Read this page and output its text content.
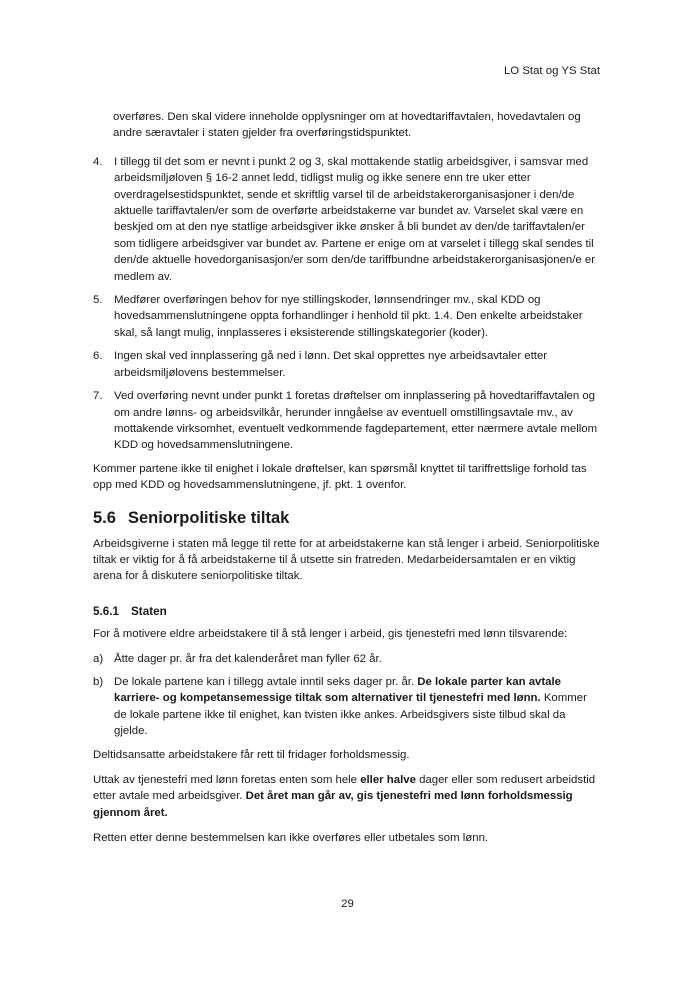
LO Stat og YS Stat

overføres. Den skal videre inneholde opplysninger om at hovedtariffavtalen, hovedavtalen og andre særavtaler i staten gjelder fra overføringstidspunktet.

4.	I tillegg til det som er nevnt i punkt 2 og 3, skal mottakende statlig arbeidsgiver, i samsvar med arbeidsmiljøloven § 16-2 annet ledd, tidligst mulig og ikke senere enn tre uker etter overdragelsestidspunktet, sende et skriftlig varsel til de arbeidstakerorganisasjoner i den/de aktuelle tariffavtalen/er som de overførte arbeidstakerne var bundet av. Varselet skal være en beskjed om at den nye statlige arbeidsgiver ikke ønsker å bli bundet av den/de tariffavtalen/er som tidligere arbeidsgiver var bundet av. Partene er enige om at varselet i tillegg skal sendes til den/de aktuelle hovedorganisasjon/er som den/de tariffbundne arbeidstakerorganisasjonen/e er medlem av.
5.	Medfører overføringen behov for nye stillingskoder, lønnsendringer mv., skal KDD og hovedsammenslutningene oppta forhandlinger i henhold til pkt. 1.4. Den enkelte arbeidstaker skal, så langt mulig, innplasseres i eksisterende stillingskategorier (koder).
6.	Ingen skal ved innplassering gå ned i lønn. Det skal opprettes nye arbeidsavtaler etter arbeidsmiljølovens bestemmelser.
7.	Ved overføring nevnt under punkt 1 foretas drøftelser om innplassering på hovedtariffavtalen og om andre lønns- og arbeidsvilkår, herunder inngåelse av eventuell omstillingsavtale mv., av mottakende virksomhet, eventuelt vedkommende fagdepartement, etter nærmere avtale mellom KDD og hovedsammenslutningene.

Kommer partene ikke til enighet i lokale drøftelser, kan spørsmål knyttet til tariffrettslige forhold tas opp med KDD og hovedsammenslutningene, jf. pkt. 1 ovenfor.

5.6 Seniorpolitiske tiltak

Arbeidsgiverne i staten må legge til rette for at arbeidstakerne kan stå lenger i arbeid. Seniorpolitiske tiltak er viktig for å få arbeidstakerne til å utsette sin fratreden. Medarbeidersamtalen er en viktig arena for å diskutere seniorpolitiske tiltak.

5.6.1 Staten

For å motivere eldre arbeidstakere til å stå lenger i arbeid, gis tjenestefri med lønn tilsvarende:

a) Åtte dager pr. år fra det kalenderåret man fyller 62 år.
b) De lokale partene kan i tillegg avtale inntil seks dager pr. år. De lokale parter kan avtale karriere- og kompetansemessige tiltak som alternativer til tjenestefri med lønn. Kommer de lokale partene ikke til enighet, kan tvisten ikke ankes. Arbeidsgivers siste tilbud skal da gjelde.

Deltidsansatte arbeidstakere får rett til fridager forholdsmessig.

Uttak av tjenestefri med lønn foretas enten som hele eller halve dager eller som redusert arbeidstid etter avtale med arbeidsgiver. Det året man går av, gis tjenestefri med lønn forholdsmessig gjennom året.

Retten etter denne bestemmelsen kan ikke overføres eller utbetales som lønn.

29
